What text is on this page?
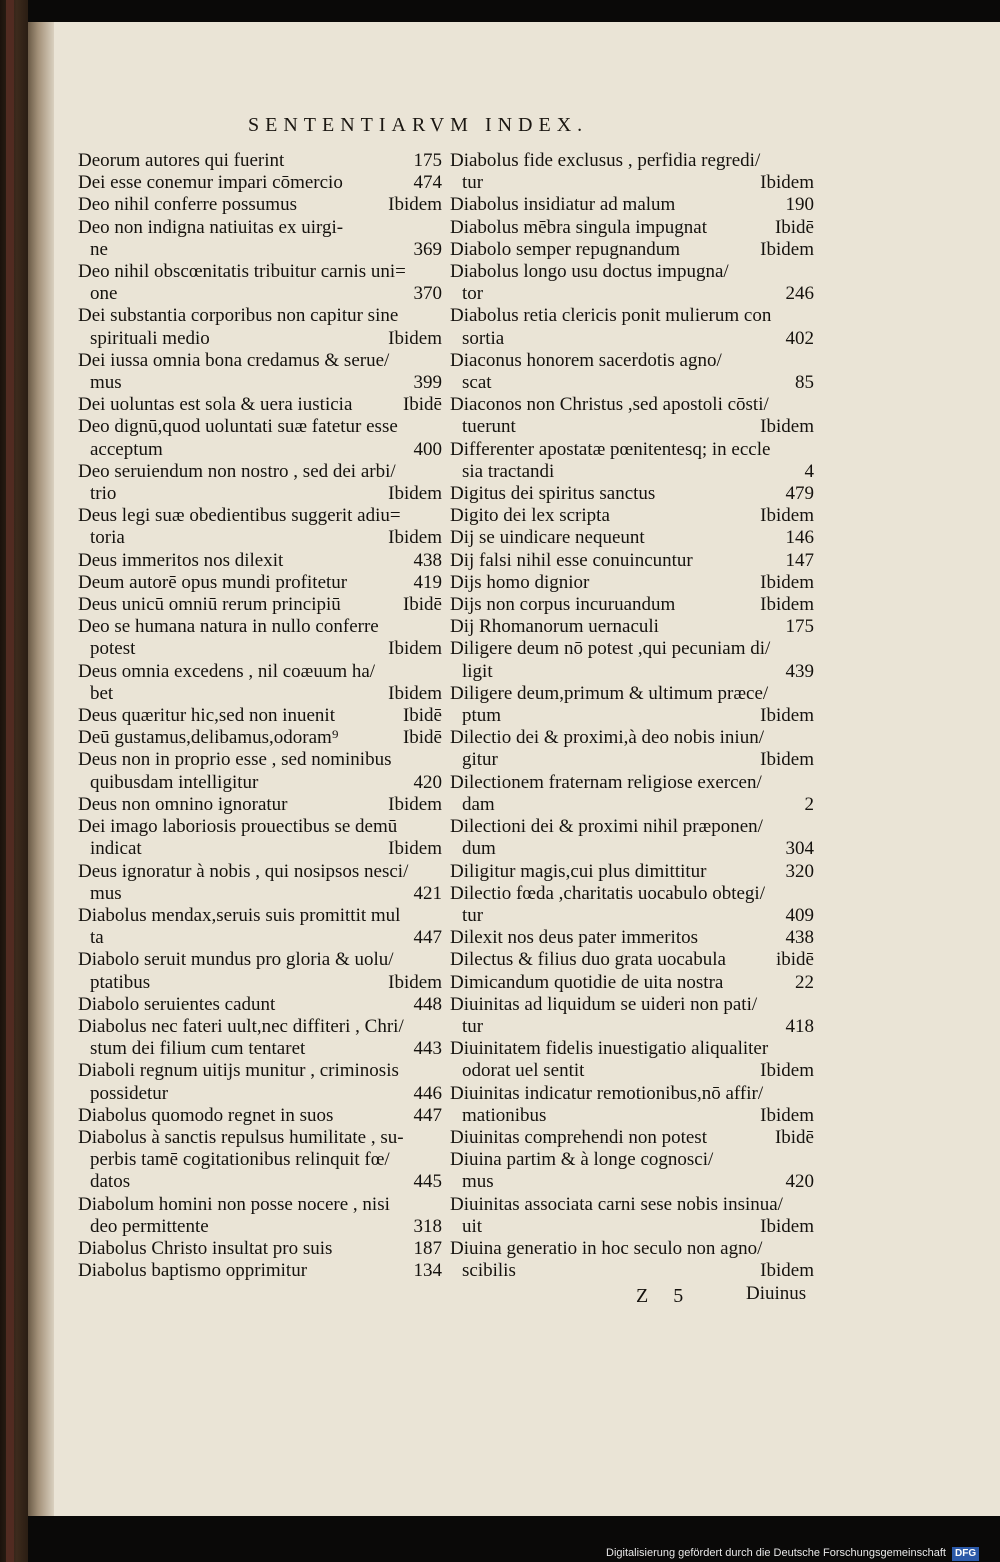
SENTENTIARVM INDEX.
Deorum autores qui fuerint	175
Dei esse conemur impari cōmercio	474
Deo nihil conferre possumus	Ibidem
Deo non indigna natiuitas ex uirgi-
ne	369
Deo nihil obscœnitatis tribuitur carnis uni=
one	370
Dei substantia corporibus non capitur sine
spirituali medio	Ibidem
Dei iussa omnia bona credamus & serue/
mus	399
Dei uoluntas est sola & uera iusticia	Ibidē
Deo dignū,quod uoluntati suæ fatetur esse
acceptum	400
Deo seruiendum non nostro , sed dei arbi/
trio	Ibidem
Deus legi suæ obedientibus suggerit adiu=
toria	Ibidem
Deus immeritos nos dilexit	438
Deum autorē opus mundi profitetur	419
Deus unicū omniū rerum principiū	Ibidē
Deo se humana natura in nullo conferre
potest	Ibidem
Deus omnia excedens , nil coæuum ha/
bet	Ibidem
Deus quæritur hic,sed non inuenit	Ibidē
Deū gustamus,delibamus,odoram⁹	Ibidē
Deus non in proprio esse , sed nominibus
quibusdam intelligitur	420
Deus non omnino ignoratur	Ibidem
Dei imago laboriosis prouectibus se demū
indicat	Ibidem
Deus ignoratur à nobis , qui nosipsos nesci/
mus	421
Diabolus mendax,seruis suis promittit mul
ta	447
Diabolo seruit mundus pro gloria & uolu/
ptatibus	Ibidem
Diabolo seruientes cadunt	448
Diabolus nec fateri uult,nec diffiteri , Chri/
stum dei filium cum tentaret	443
Diaboli regnum uitijs munitur , criminosis
possidetur	446
Diabolus quomodo regnet in suos	447
Diabolus à sanctis repulsus humilitate , su-
perbis tamē cogitationibus relinquit fœ/
datos	445
Diabolum homini non posse nocere , nisi
deo permittente	318
Diabolus Christo insultat pro suis	187
Diabolus baptismo opprimitur	134
Diabolus fide exclusus , perfidia regredi/
tur	Ibidem
Diabolus insidiatur ad malum	190
Diabolus mēbra singula impugnat	Ibidē
Diabolo semper repugnandum	Ibidem
Diabolus longo usu doctus impugna/
tor	246
Diabolus retia clericis ponit mulierum con
sortia	402
Diaconus honorem sacerdotis agno/
scat	85
Diaconos non Christus ,sed apostoli cōsti/
tuerunt	Ibidem
Differenter apostatæ pœnitentesq; in eccle
sia tractandi	4
Digitus dei spiritus sanctus	479
Digito dei lex scripta	Ibidem
Dij se uindicare nequeunt	146
Dij falsi nihil esse conuincuntur	147
Dijs homo dignior	Ibidem
Dijs non corpus incuruandum	Ibidem
Dij Rhomanorum uernaculi	175
Diligere deum nō potest ,qui pecuniam di/
ligit	439
Diligere deum,primum & ultimum præce/
ptum	Ibidem
Dilectio dei & proximi,à deo nobis iniun/
gitur	Ibidem
Dilectionem fraternam religiose exercen/
dam	2
Dilectioni dei & proximi nihil præponen/
dum	304
Diligitur magis,cui plus dimittitur	320
Dilectio fœda ,charitatis uocabulo obtegi/
tur	409
Dilexit nos deus pater immeritos	438
Dilectus & filius duo grata uocabula	ibidē
Dimicandum quotidie de uita nostra	22
Diuinitas ad liquidum se uideri non pati/
tur	418
Diuinitatem fidelis inuestigatio aliqualiter
odorat uel sentit	Ibidem
Diuinitas indicatur remotionibus,nō affir/
mationibus	Ibidem
Diuinitas comprehendi non potest	Ibidē
Diuina partim & à longe cognosci/
mus	420
Diuinitas associata carni sese nobis insinua/
uit	Ibidem
Diuina generatio in hoc seculo non agno/
scibilis	Ibidem
Z 5	Diuinus
Digitalisierung gefördert durch die Deutsche Forschungsgemeinschaft DFG
